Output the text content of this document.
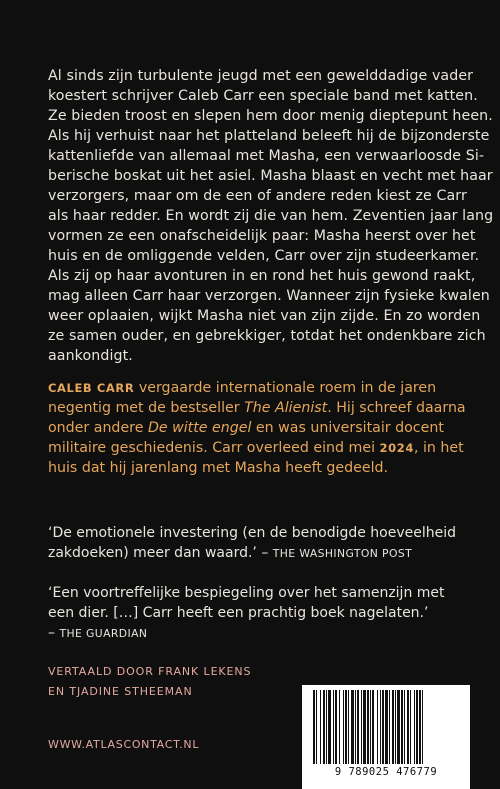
Al sinds zijn turbulente jeugd met een gewelddadige vader
koestert schrijver Caleb Carr een speciale band met katten.
Ze bieden troost en slepen hem door menig dieptepunt heen.
Als hij verhuist naar het platteland beleeft hij de bijzonderste
kattenliefde van allemaal met Masha, een verwaarloosde Si-
berische boskat uit het asiel. Masha blaast en vecht met haar
verzorgers, maar om de een of andere reden kiest ze Carr
als haar redder. En wordt zij die van hem. Zeventien jaar lang
vormen ze een onafscheidelijk paar: Masha heerst over het
huis en de omliggende velden, Carr over zijn studeerkamer.
Als zij op haar avonturen in en rond het huis gewond raakt,
mag alleen Carr haar verzorgen. Wanneer zijn fysieke kwalen
weer oplaaien, wijkt Masha niet van zijn zijde. En zo worden
ze samen ouder, en gebrekkiger, totdat het ondenkbare zich
aankondigt.
CALEB CARR vergaarde internationale roem in de jaren
negentig met de bestseller The Alienist. Hij schreef daarna
onder andere De witte engel en was universitair docent
militaire geschiedenis. Carr overleed eind mei 2024, in het
huis dat hij jarenlang met Masha heeft gedeeld.
‘De emotionele investering (en de benodigde hoeveelheid
zakdoeken) meer dan waard.’ – THE WASHINGTON POST
‘Een voortreffelijke bespiegeling over het samenzijn met
een dier. […] Carr heeft een prachtig boek nagelaten.’
– THE GUARDIAN
VERTAALD DOOR FRANK LEKENS
EN TJADINE STHEEMAN
WWW.ATLASCONTACT.NL
9 789025 476779
